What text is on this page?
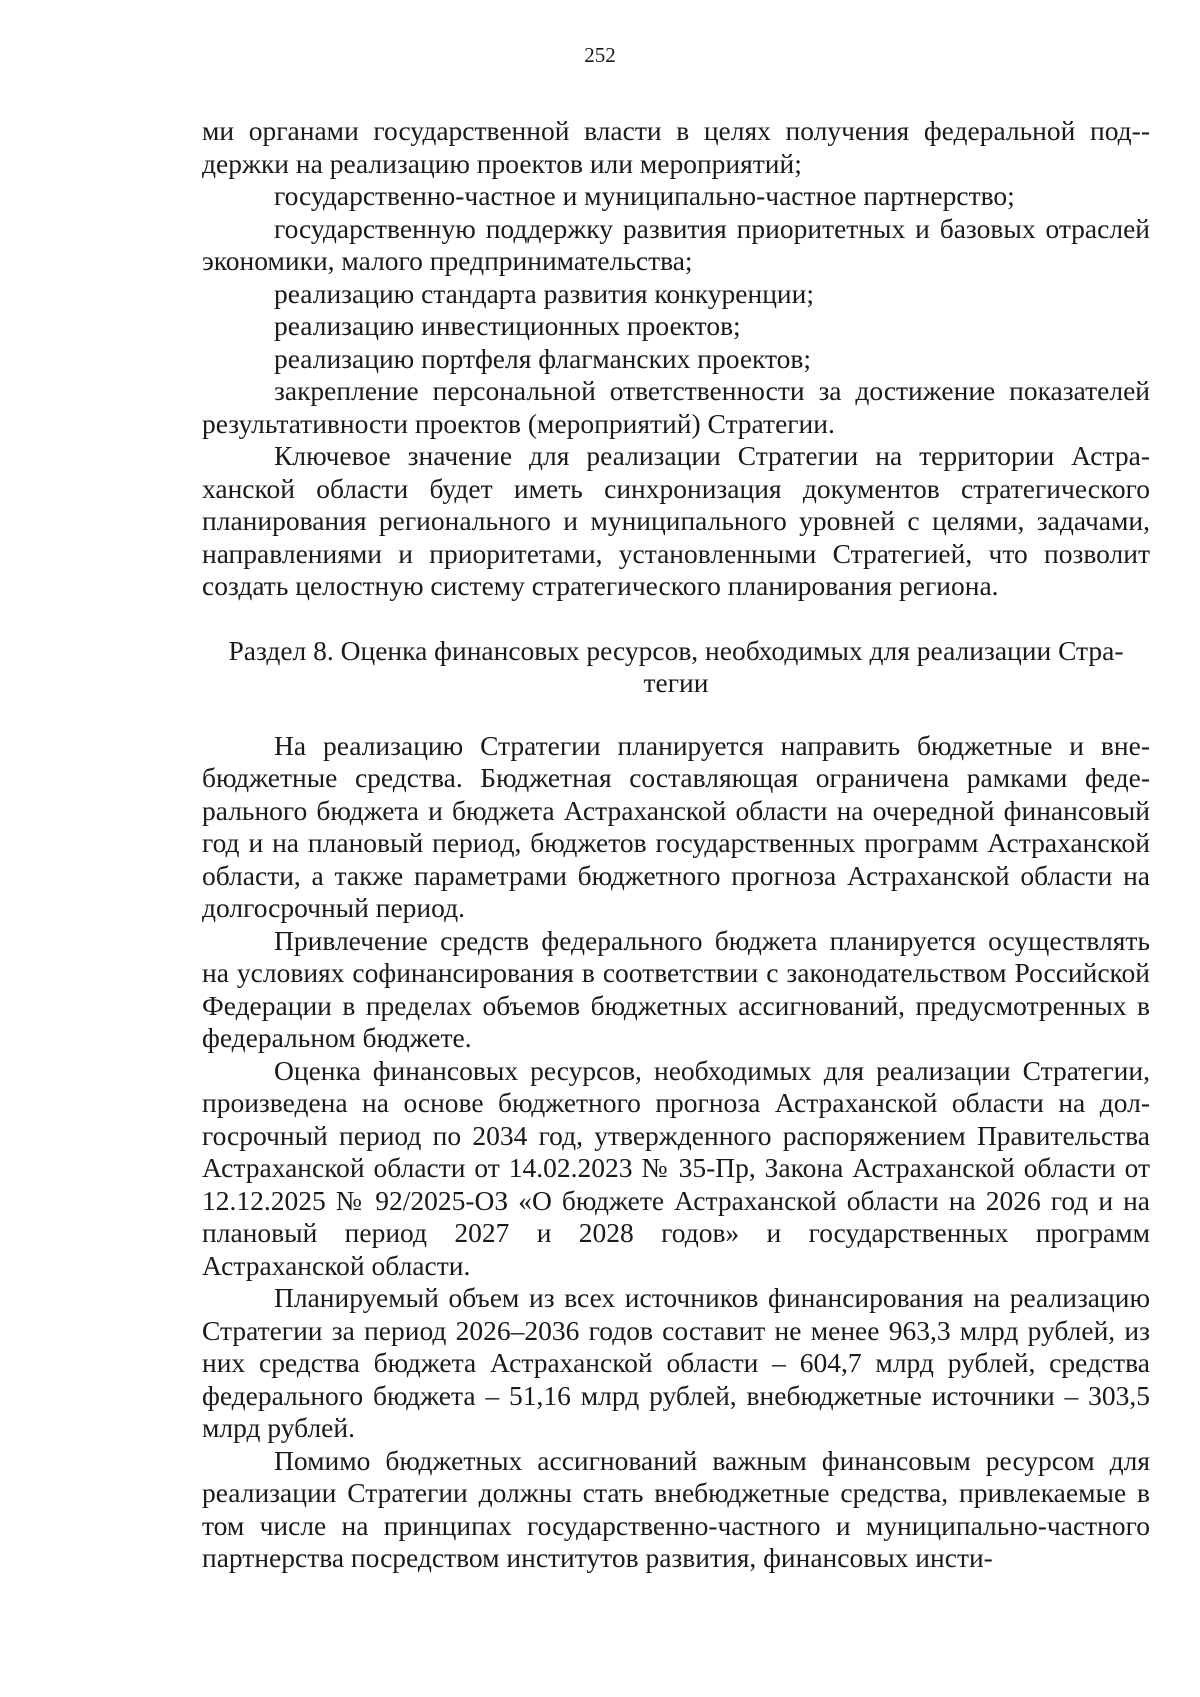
252

ми органами государственной власти в целях получения федеральной под-держки на реализацию проектов или мероприятий;

государственно-частное и муниципально-частное партнерство;

государственную поддержку развития приоритетных и базовых отраслей экономики, малого предпринимательства;

реализацию стандарта развития конкуренции;

реализацию инвестиционных проектов;

реализацию портфеля флагманских проектов;

закрепление персональной ответственности за достижение показателей результативности проектов (мероприятий) Стратегии.

Ключевое значение для реализации Стратегии на территории Астраханской области будет иметь синхронизация документов стратегического планирования регионального и муниципального уровней с целями, задачами, направлениями и приоритетами, установленными Стратегией, что позволит создать целостную систему стратегического планирования региона.

Раздел 8. Оценка финансовых ресурсов, необходимых для реализации Стра-
тегии

На реализацию Стратегии планируется направить бюджетные и внебюджетные средства. Бюджетная составляющая ограничена рамками федерального бюджета и бюджета Астраханской области на очередной финансовый год и на плановый период, бюджетов государственных программ Астраханской области, а также параметрами бюджетного прогноза Астраханской области на долгосрочный период.

Привлечение средств федерального бюджета планируется осуществлять на условиях софинансирования в соответствии с законодательством Российской Федерации в пределах объемов бюджетных ассигнований, предусмотренных в федеральном бюджете.

Оценка финансовых ресурсов, необходимых для реализации Стратегии, произведена на основе бюджетного прогноза Астраханской области на долгосрочный период по 2034 год, утвержденного распоряжением Правительства Астраханской области от 14.02.2023 № 35-Пр, Закона Астраханской области от 12.12.2025 № 92/2025-ОЗ «О бюджете Астраханской области на 2026 год и на плановый период 2027 и 2028 годов» и государственных программ Астраханской области.

Планируемый объем из всех источников финансирования на реализацию Стратегии за период 2026–2036 годов составит не менее 963,3 млрд рублей, из них средства бюджета Астраханской области – 604,7 млрд рублей, средства федерального бюджета – 51,16 млрд рублей, внебюджетные источники – 303,5 млрд рублей.

Помимо бюджетных ассигнований важным финансовым ресурсом для реализации Стратегии должны стать внебюджетные средства, привлекаемые в том числе на принципах государственно-частного и муниципально-частного партнерства посредством институтов развития, финансовых инсти-
